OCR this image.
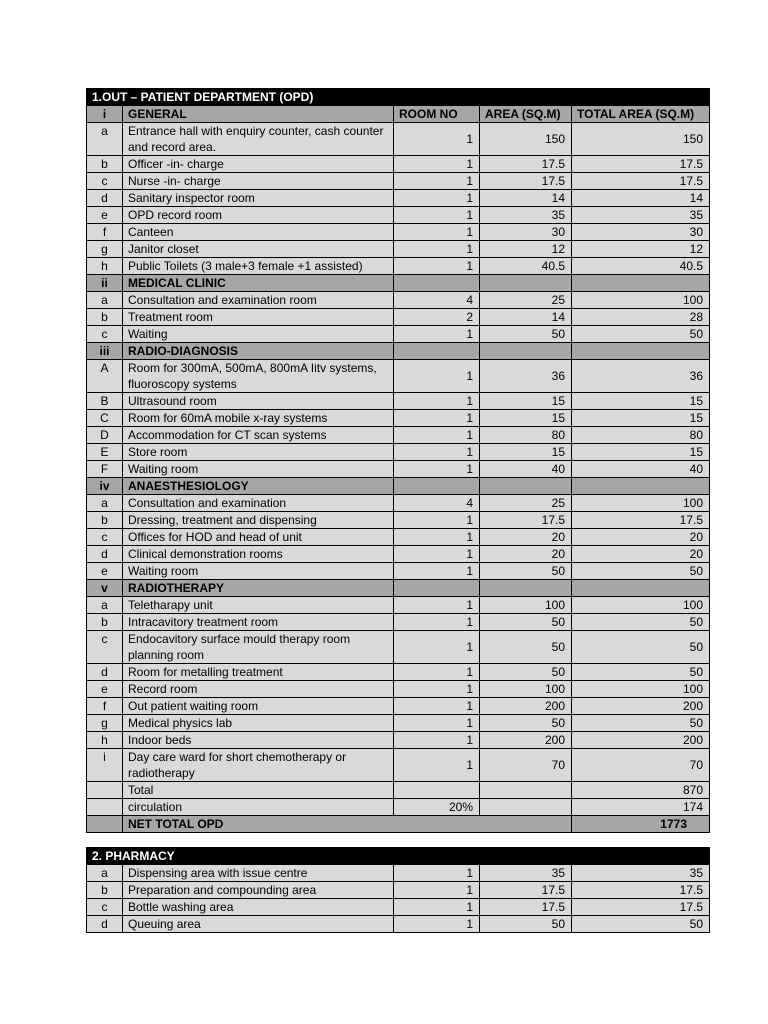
1.OUT – PATIENT DEPARTMENT (OPD)				
i	GENERAL	ROOM NO	AREA (SQ.M)	TOTAL AREA (SQ.M)
a	Entrance hall with enquiry counter, cash counter and record area.	1	150	150
b	Officer -in- charge	1	17.5	17.5
c	Nurse -in- charge	1	17.5	17.5
d	Sanitary inspector room	1	14	14
e	OPD record room	1	35	35
f	Canteen	1	30	30
g	Janitor closet	1	12	12
h	Public Toilets (3 male+3 female +1 assisted)	1	40.5	40.5
ii	MEDICAL CLINIC			
a	Consultation and examination room	4	25	100
b	Treatment room	2	14	28
c	Waiting	1	50	50
iii	RADIO-DIAGNOSIS			
A	Room for 300mA, 500mA, 800mA Iitv systems, fluoroscopy systems	1	36	36
B	Ultrasound room	1	15	15
C	Room for 60mA mobile x-ray systems	1	15	15
D	Accommodation for CT scan systems	1	80	80
E	Store room	1	15	15
F	Waiting room	1	40	40
iv	ANAESTHESIOLOGY			
a	Consultation and examination	4	25	100
b	Dressing, treatment and dispensing	1	17.5	17.5
c	Offices for HOD and head of unit	1	20	20
d	Clinical demonstration rooms	1	20	20
e	Waiting room	1	50	50
v	RADIOTHERAPY			
a	Teletharapy unit	1	100	100
b	Intracavitory treatment room	1	50	50
c	Endocavitory surface mould therapy room planning room	1	50	50
d	Room for metalling treatment	1	50	50
e	Record room	1	100	100
f	Out patient waiting room	1	200	200
g	Medical physics lab	1	50	50
h	Indoor beds	1	200	200
i	Day care ward for short chemotherapy or radiotherapy	1	70	70
	Total			870
	circulation	20%		174
	NET TOTAL OPD			1773
2. PHARMACY				
a	Dispensing area with issue centre	1	35	35
b	Preparation and compounding area	1	17.5	17.5
c	Bottle washing area	1	17.5	17.5
d	Queuing area	1	50	50
